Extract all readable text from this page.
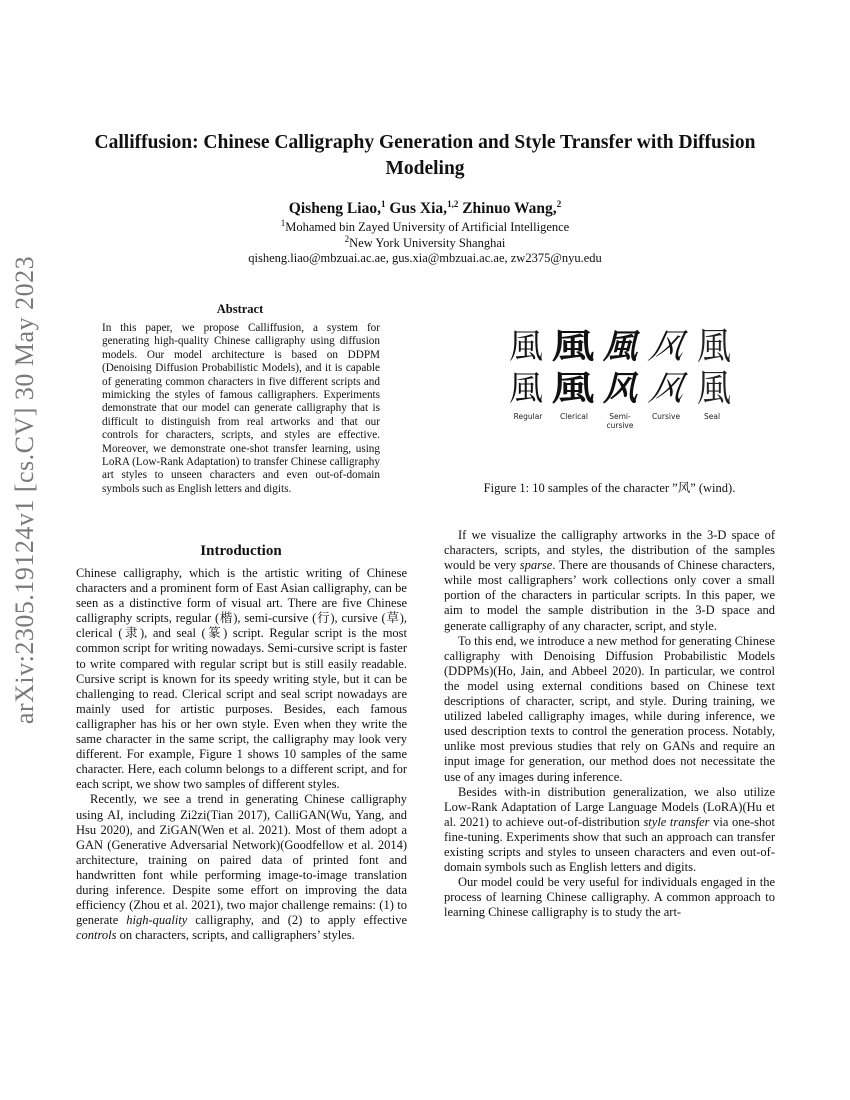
arXiv:2305.19124v1 [cs.CV] 30 May 2023
Calliffusion: Chinese Calligraphy Generation and Style Transfer with Diffusion Modeling
Qisheng Liao,$^1$ Gus Xia,$^{1,2}$ Zhinuo Wang,$^2$
$^1$Mohamed bin Zayed University of Artificial Intelligence
$^2$New York University Shanghai
qisheng.liao@mbzuai.ac.ae, gus.xia@mbzuai.ac.ae, zw2375@nyu.edu
Abstract
In this paper, we propose Calliffusion, a system for generating high-quality Chinese calligraphy using diffusion models. Our model architecture is based on DDPM (Denoising Diffusion Probabilistic Models), and it is capable of generating common characters in five different scripts and mimicking the styles of famous calligraphers. Experiments demonstrate that our model can generate calligraphy that is difficult to distinguish from real artworks and that our controls for characters, scripts, and styles are effective. Moreover, we demonstrate one-shot transfer learning, using LoRA (Low-Rank Adaptation) to transfer Chinese calligraphy art styles to unseen characters and even out-of-domain symbols such as English letters and digits.
風 風 風 风 風
風 風 风 风 風
Regular	Clerical	Semi-cursive
Cursive	Seal
Figure 1: 10 samples of the character ”风” (wind).
Introduction

Chinese calligraphy, which is the artistic writing of Chinese characters and a prominent form of East Asian calligraphy, can be seen as a distinctive form of visual art. There are five Chinese calligraphy scripts, regular (楷), semi-cursive (行), cursive (草), clerical (隶), and seal (篆) script. Regular script is the most common script for writing nowadays. Semi-cursive script is faster to write compared with regular script but is still easily readable. Cursive script is known for its speedy writing style, but it can be challenging to read. Clerical script and seal script nowadays are mainly used for artistic purposes. Besides, each famous calligrapher has his or her own style. Even when they write the same character in the same script, the calligraphy may look very different. For example, Figure 1 shows 10 samples of the same character. Here, each column belongs to a different script, and for each script, we show two samples of different styles.

Recently, we see a trend in generating Chinese calligraphy using AI, including Zi2zi(Tian 2017), CalliGAN(Wu, Yang, and Hsu 2020), and ZiGAN(Wen et al. 2021). Most of them adopt a GAN (Generative Adversarial Network)(Goodfellow et al. 2014) architecture, training on paired data of printed font and handwritten font while performing image-to-image translation during inference. Despite some effort on improving the data efficiency (Zhou et al. 2021), two major challenge remains: (1) to generate high-quality calligraphy, and (2) to apply effective controls on characters, scripts, and calligraphers’ styles.

If we visualize the calligraphy artworks in the 3-D space of characters, scripts, and styles, the distribution of the samples would be very sparse. There are thousands of Chinese characters, while most calligraphers’ work collections only cover a small portion of the characters in particular scripts. In this paper, we aim to model the sample distribution in the 3-D space and generate calligraphy of any character, script, and style.

To this end, we introduce a new method for generating Chinese calligraphy with Denoising Diffusion Probabilistic Models (DDPMs)(Ho, Jain, and Abbeel 2020). In particular, we control the model using external conditions based on Chinese text descriptions of character, script, and style. During training, we utilized labeled calligraphy images, while during inference, we used description texts to control the generation process. Notably, unlike most previous studies that rely on GANs and require an input image for generation, our method does not necessitate the use of any images during inference.

Besides with-in distribution generalization, we also utilize Low-Rank Adaptation of Large Language Models (LoRA)(Hu et al. 2021) to achieve out-of-distribution style transfer via one-shot fine-tuning. Experiments show that such an approach can transfer existing scripts and styles to unseen characters and even out-of-domain symbols such as English letters and digits.

Our model could be very useful for individuals engaged in the process of learning Chinese calligraphy. A common approach to learning Chinese calligraphy is to study the art-
